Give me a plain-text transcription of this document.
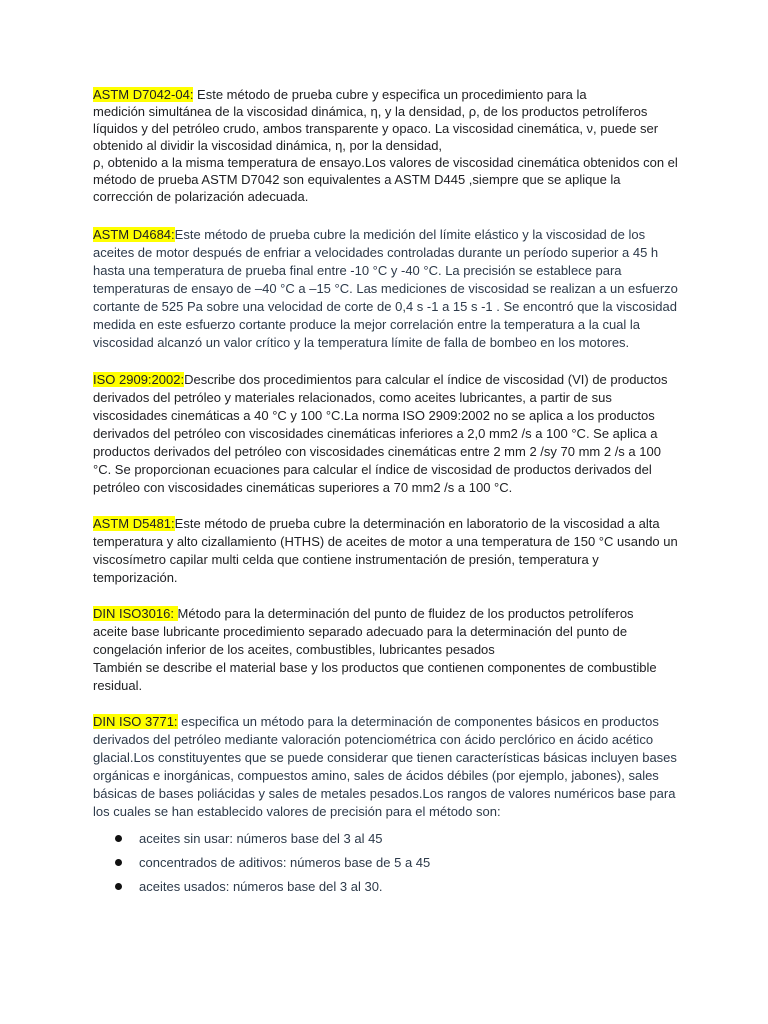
ASTM D7042-04: Este método de prueba cubre y especifica un procedimiento para la
medición simultánea de la viscosidad dinámica, η, y la densidad, ρ, de los productos petrolíferos
líquidos y del petróleo crudo, ambos transparente y opaco. La viscosidad cinemática, ν, puede ser
obtenido al dividir la viscosidad dinámica, η, por la densidad,
ρ, obtenido a la misma temperatura de ensayo.Los valores de viscosidad cinemática obtenidos con el
método de prueba ASTM D7042 son equivalentes a ASTM D445 ,siempre que se aplique la
corrección de polarización adecuada.

ASTM D4684:Este método de prueba cubre la medición del límite elástico y la viscosidad de los
aceites de motor después de enfriar a velocidades controladas durante un período superior a 45 h
hasta una temperatura de prueba final entre -10 °C y -40 °C. La precisión se establece para
temperaturas de ensayo de –40 °C a –15 °C. Las mediciones de viscosidad se realizan a un esfuerzo
cortante de 525 Pa sobre una velocidad de corte de 0,4 s -1 a 15 s -1 . Se encontró que la viscosidad
medida en este esfuerzo cortante produce la mejor correlación entre la temperatura a la cual la
viscosidad alcanzó un valor crítico y la temperatura límite de falla de bombeo en los motores.

ISO 2909:2002:Describe dos procedimientos para calcular el índice de viscosidad (VI) de productos
derivados del petróleo y materiales relacionados, como aceites lubricantes, a partir de sus
viscosidades cinemáticas a 40 °C y 100 °C.La norma ISO 2909:2002 no se aplica a los productos
derivados del petróleo con viscosidades cinemáticas inferiores a 2,0 mm2 /s a 100 °C. Se aplica a
productos derivados del petróleo con viscosidades cinemáticas entre 2 mm 2 /sy 70 mm 2 /s a 100
°C. Se proporcionan ecuaciones para calcular el índice de viscosidad de productos derivados del
petróleo con viscosidades cinemáticas superiores a 70 mm2 /s a 100 °C.

ASTM D5481:Este método de prueba cubre la determinación en laboratorio de la viscosidad a alta
temperatura y alto cizallamiento (HTHS) de aceites de motor a una temperatura de 150 °C usando un
viscosímetro capilar multi celda que contiene instrumentación de presión, temperatura y
temporización.

DIN ISO3016: Método para la determinación del punto de fluidez de los productos petrolíferos
aceite base lubricante procedimiento separado adecuado para la determinación del punto de
congelación inferior de los aceites, combustibles, lubricantes pesados
También se describe el material base y los productos que contienen componentes de combustible
residual.

DIN ISO 3771: especifica un método para la determinación de componentes básicos en productos
derivados del petróleo mediante valoración potenciométrica con ácido perclórico en ácido acético
glacial.Los constituyentes que se puede considerar que tienen características básicas incluyen bases
orgánicas e inorgánicas, compuestos amino, sales de ácidos débiles (por ejemplo, jabones), sales
básicas de bases poliácidas y sales de metales pesados.Los rangos de valores numéricos base para
los cuales se han establecido valores de precisión para el método son:

aceites sin usar: números base del 3 al 45
concentrados de aditivos: números base de 5 a 45
aceites usados: números base del 3 al 30.
